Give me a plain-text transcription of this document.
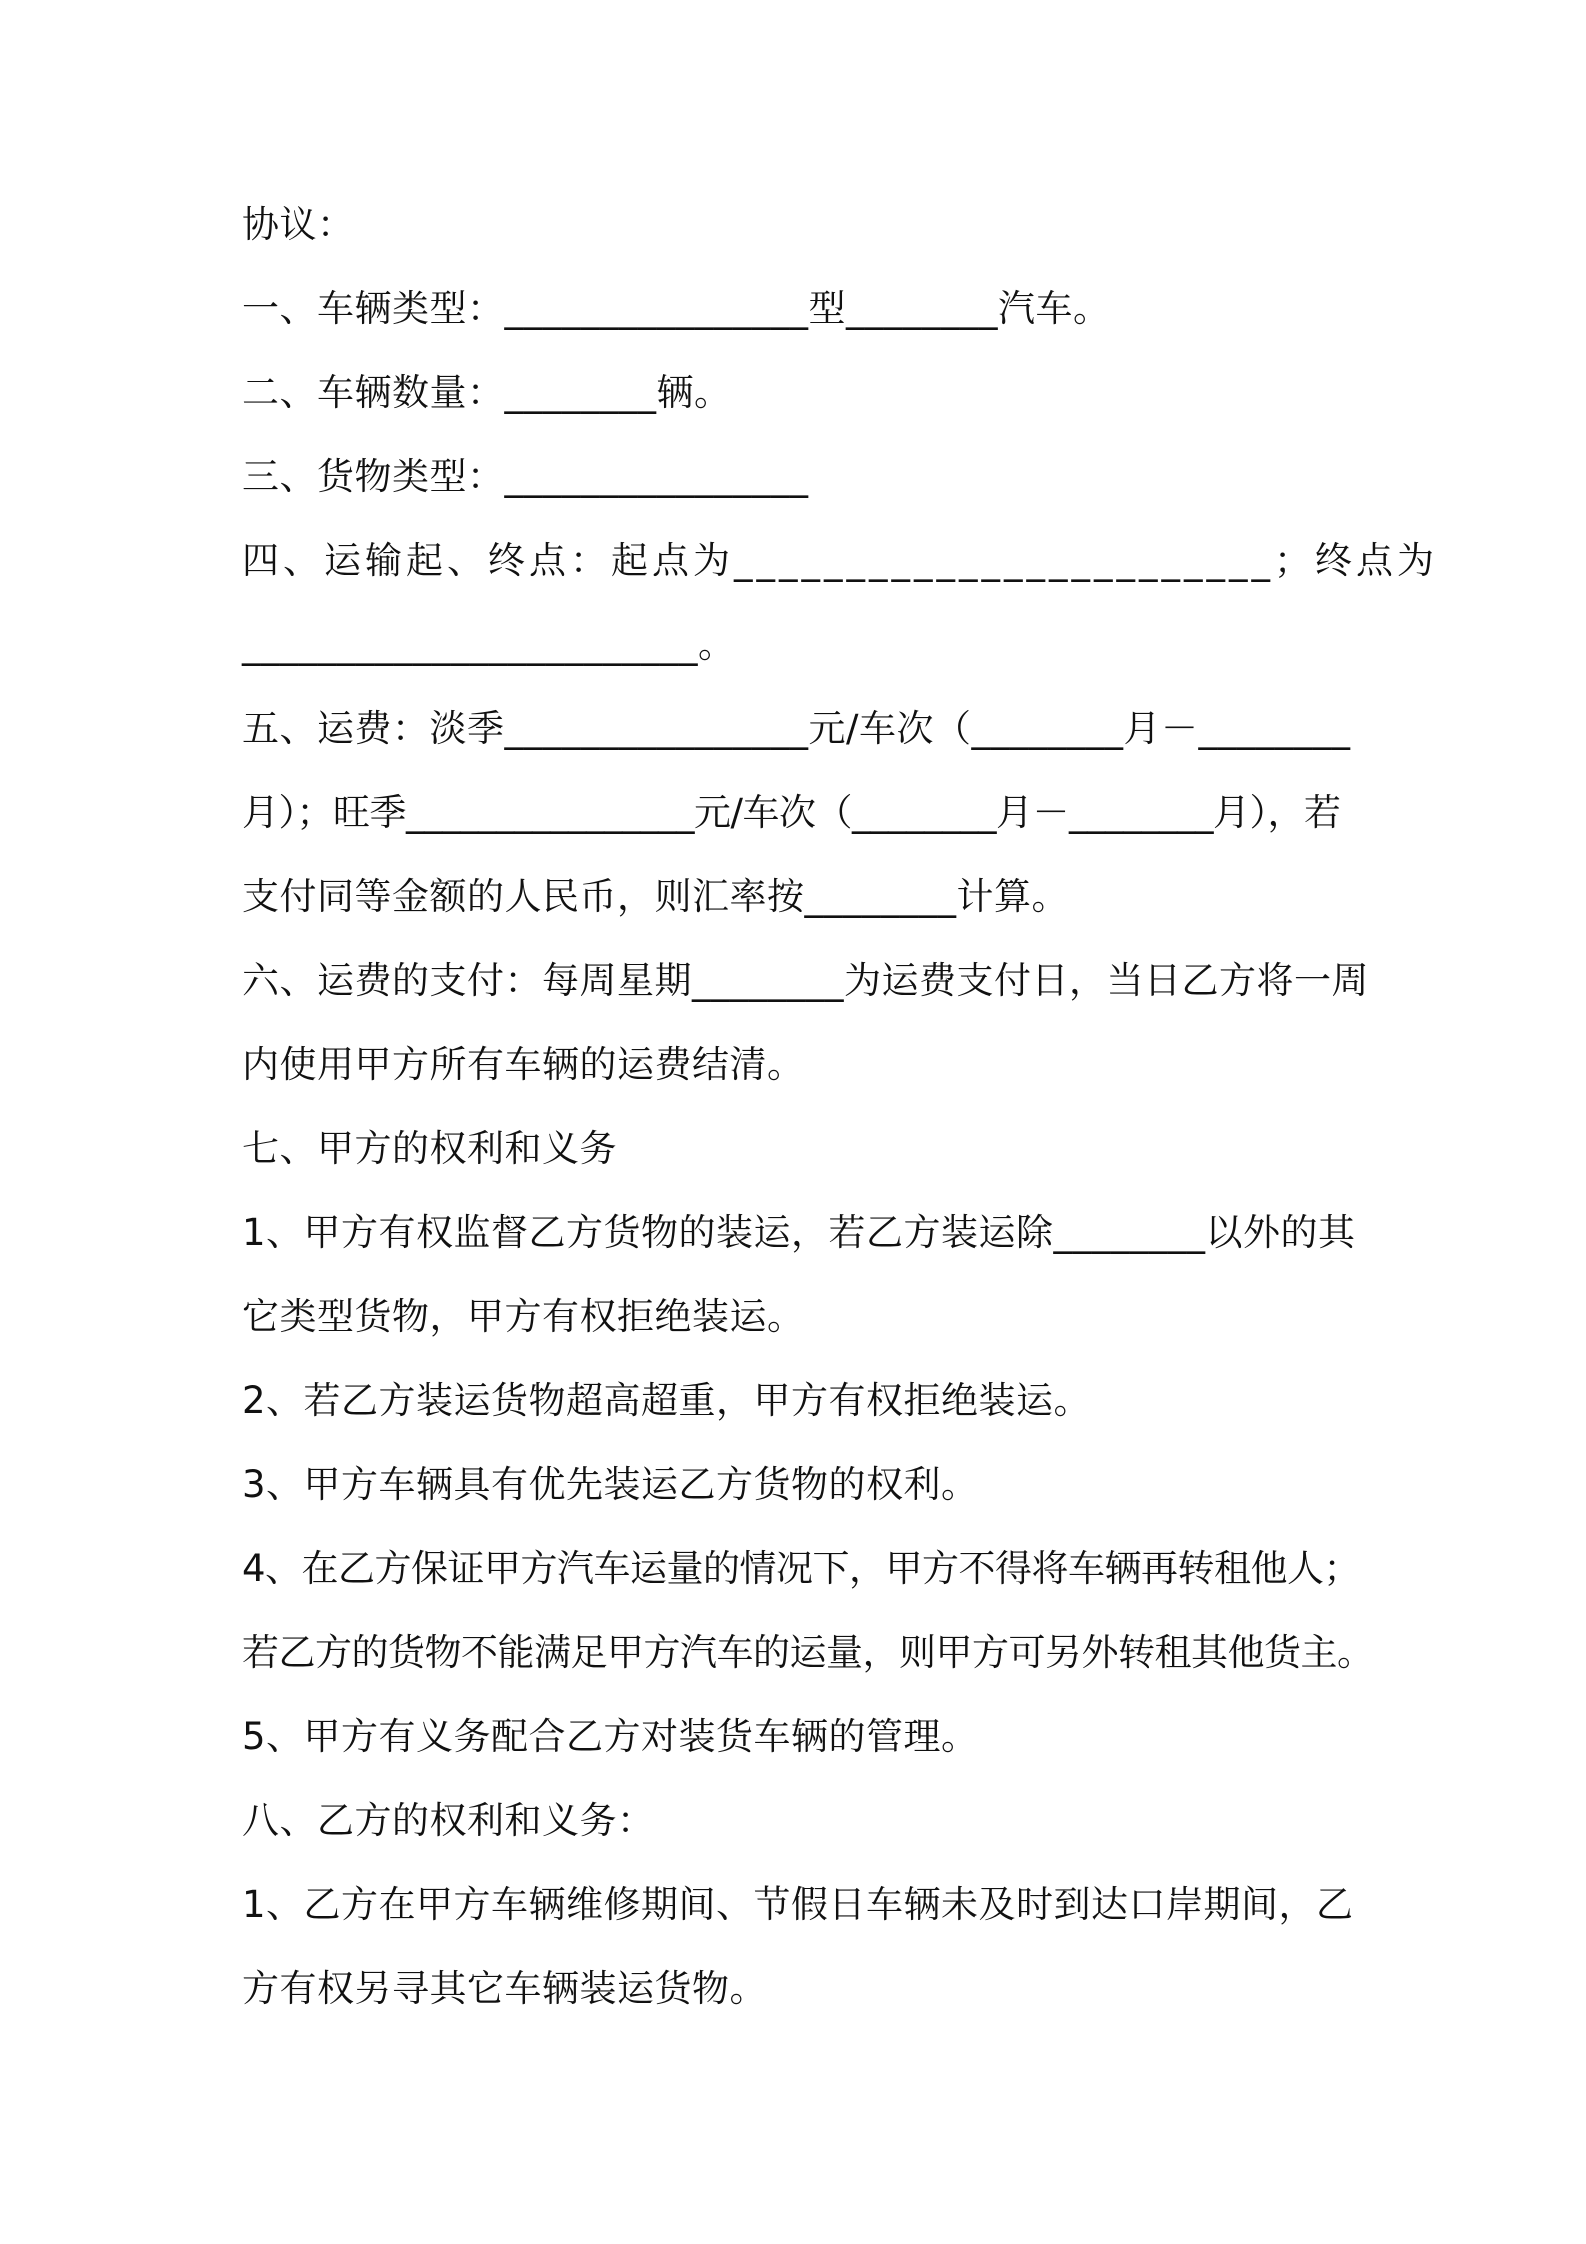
协议：
一、车辆类型：________________型________汽车。
二、车辆数量：________辆。
三、货物类型：________________
四、运输起、终点：起点为________________________；终点为
________________________。
五、运费：淡季________________元/车次（________月－________
月）；旺季________________元/车次（________月－________月），若
支付同等金额的人民币，则汇率按________计算。
六、运费的支付：每周星期________为运费支付日，当日乙方将一周
内使用甲方所有车辆的运费结清。
七、甲方的权利和义务
1、甲方有权监督乙方货物的装运，若乙方装运除________以外的其
它类型货物，甲方有权拒绝装运。
2、若乙方装运货物超高超重，甲方有权拒绝装运。
3、甲方车辆具有优先装运乙方货物的权利。
4、在乙方保证甲方汽车运量的情况下，甲方不得将车辆再转租他人；
若乙方的货物不能满足甲方汽车的运量，则甲方可另外转租其他货主。
5、甲方有义务配合乙方对装货车辆的管理。
八、乙方的权利和义务：
1、乙方在甲方车辆维修期间、节假日车辆未及时到达口岸期间，乙
方有权另寻其它车辆装运货物。
